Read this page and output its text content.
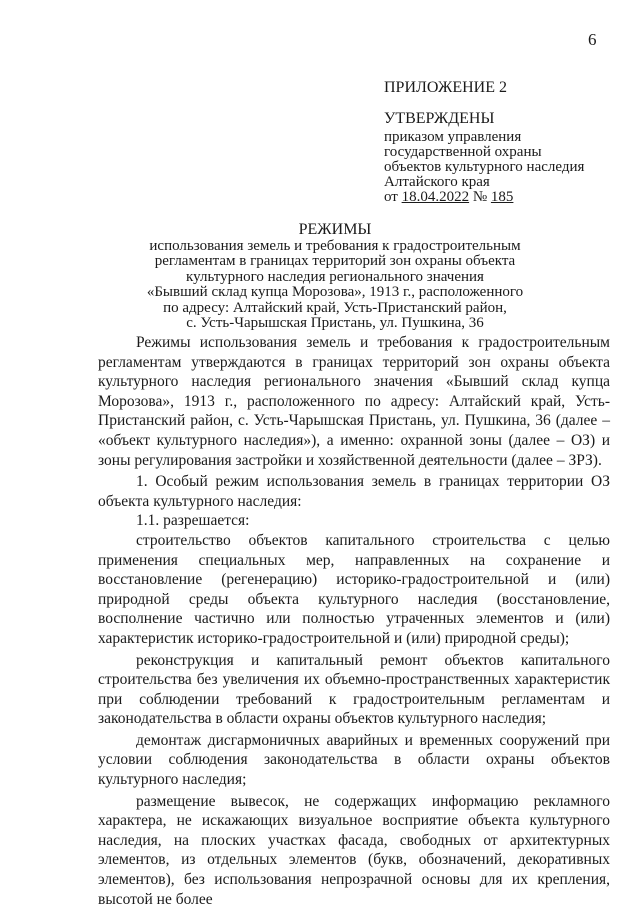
6
ПРИЛОЖЕНИЕ 2
УТВЕРЖДЕНЫ
приказом управления
государственной охраны
объектов культурного наследия
Алтайского края
от 18.04.2022 № 185
РЕЖИМЫ
использования земель и требования к градостроительным
регламентам в границах территорий зон охраны объекта
культурного наследия регионального значения
«Бывший склад купца Морозова», 1913 г., расположенного
по адресу: Алтайский край, Усть-Пристанский район,
с. Усть-Чарышская Пристань, ул. Пушкина, 36

Режимы использования земель и требования к градостроительным регламентам утверждаются в границах территорий зон охраны объекта культурного наследия регионального значения «Бывший склад купца Морозова», 1913 г., расположенного по адресу: Алтайский край, Усть-Пристанский район, с. Усть-Чарышская Пристань, ул. Пушкина, 36 (далее – «объект культурного наследия»), а именно: охранной зоны (далее – ОЗ) и зоны регулирования застройки и хозяйственной деятельности (далее – ЗРЗ).

1. Особый режим использования земель в границах территории ОЗ объекта культурного наследия:

1.1. разрешается:

строительство объектов капитального строительства с целью применения специальных мер, направленных на сохранение и восстановление (регенерацию) историко-градостроительной и (или) природной среды объекта культурного наследия (восстановление, восполнение частично или полностью утраченных элементов и (или) характеристик историко-градостроительной и (или) природной среды);

реконструкция и капитальный ремонт объектов капитального строительства без увеличения их объемно-пространственных характеристик при соблюдении требований к градостроительным регламентам и законодательства в области охраны объектов культурного наследия;

демонтаж дисгармоничных аварийных и временных сооружений при условии соблюдения законодательства в области охраны объектов культурного наследия;

размещение вывесок, не содержащих информацию рекламного характера, не искажающих визуальное восприятие объекта культурного наследия, на плоских участках фасада, свободных от архитектурных элементов, из отдельных элементов (букв, обозначений, декоративных элементов), без использования непрозрачной основы для их крепления, высотой не более
